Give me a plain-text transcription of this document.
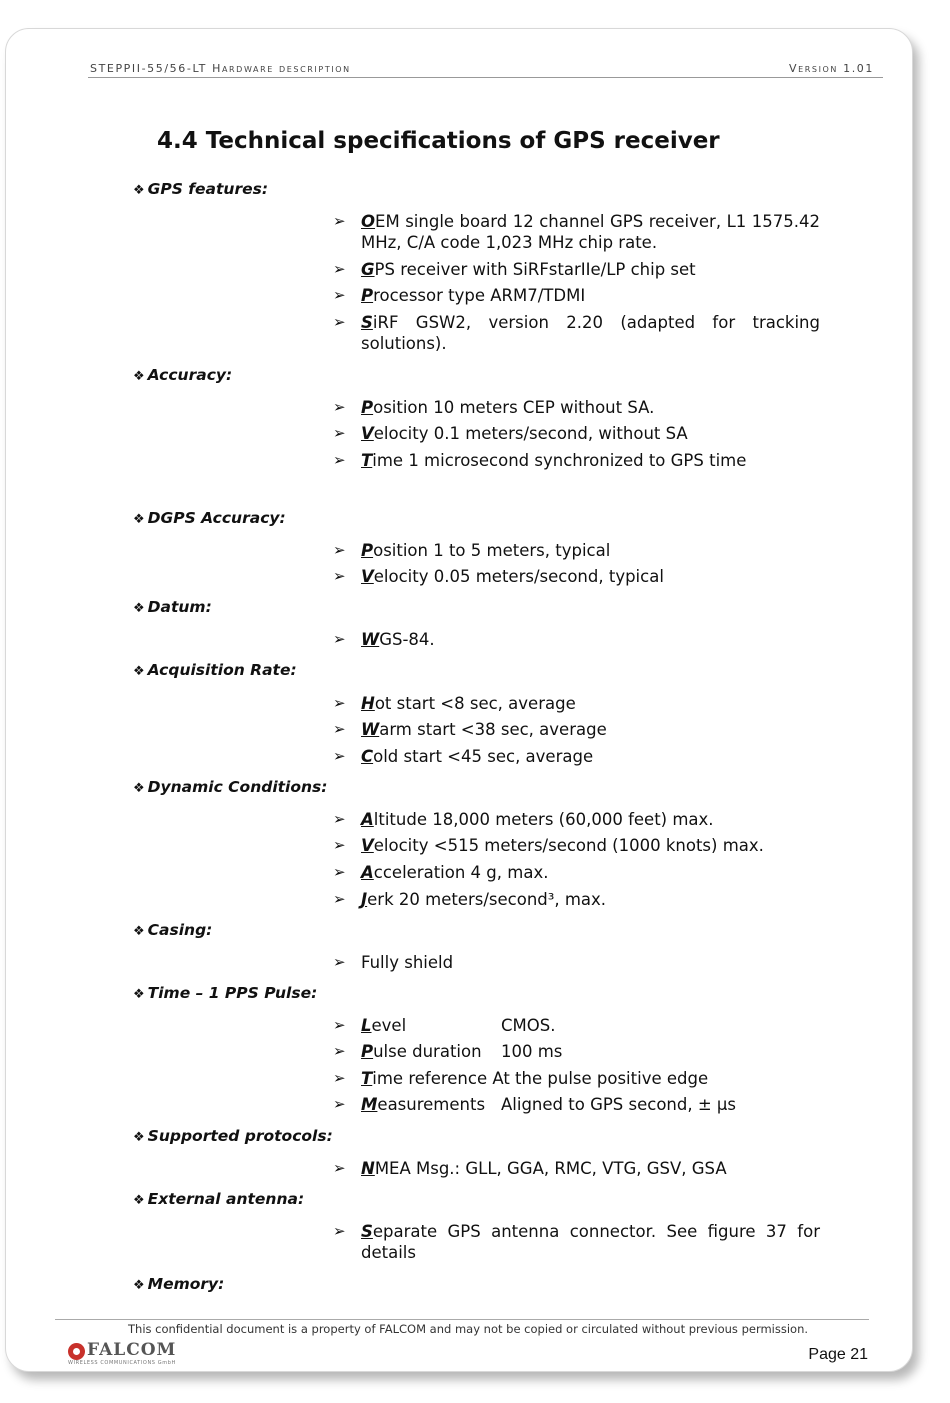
STEPPII-55/56-LT Hardware description	Version 1.01
4.4 Technical specifications of GPS receiver
❖ GPS features:
➢ OEM single board 12 channel GPS receiver, L1 1575.42 MHz, C/A code 1,023 MHz chip rate.
➢ GPS receiver with SiRFstarIIe/LP chip set
➢ Processor type ARM7/TDMI
➢ SiRF GSW2, version 2.20 (adapted for tracking solutions).
❖ Accuracy:
➢ Position 10 meters CEP without SA.
➢ Velocity 0.1 meters/second, without SA
➢ Time 1 microsecond synchronized to GPS time
❖ DGPS Accuracy:
➢ Position 1 to 5 meters, typical
➢ Velocity 0.05 meters/second, typical
❖ Datum:
➢ WGS-84.
❖ Acquisition Rate:
➢ Hot start <8 sec, average
➢ Warm start <38 sec, average
➢ Cold start <45 sec, average
❖ Dynamic Conditions:
➢ Altitude 18,000 meters (60,000 feet) max.
➢ Velocity <515 meters/second (1000 knots) max.
➢ Acceleration 4 g, max.
➢ Jerk 20 meters/second³, max.
❖ Casing:
➢ Fully shield
❖ Time – 1 PPS Pulse:
➢ Level	CMOS.
➢ Pulse duration 100 ms
➢ Time reference At the pulse positive edge
➢ Measurements Aligned to GPS second, ± µs
❖ Supported protocols:
➢ NMEA Msg.: GLL, GGA, RMC, VTG, GSV, GSA
❖ External antenna:
➢ Separate GPS antenna connector. See figure 37 for details
❖ Memory:
This confidential document is a property of FALCOM and may not be copied or circulated without previous permission.
FALCOM
WIRELESS COMMUNICATIONS GmbH	Page 21
